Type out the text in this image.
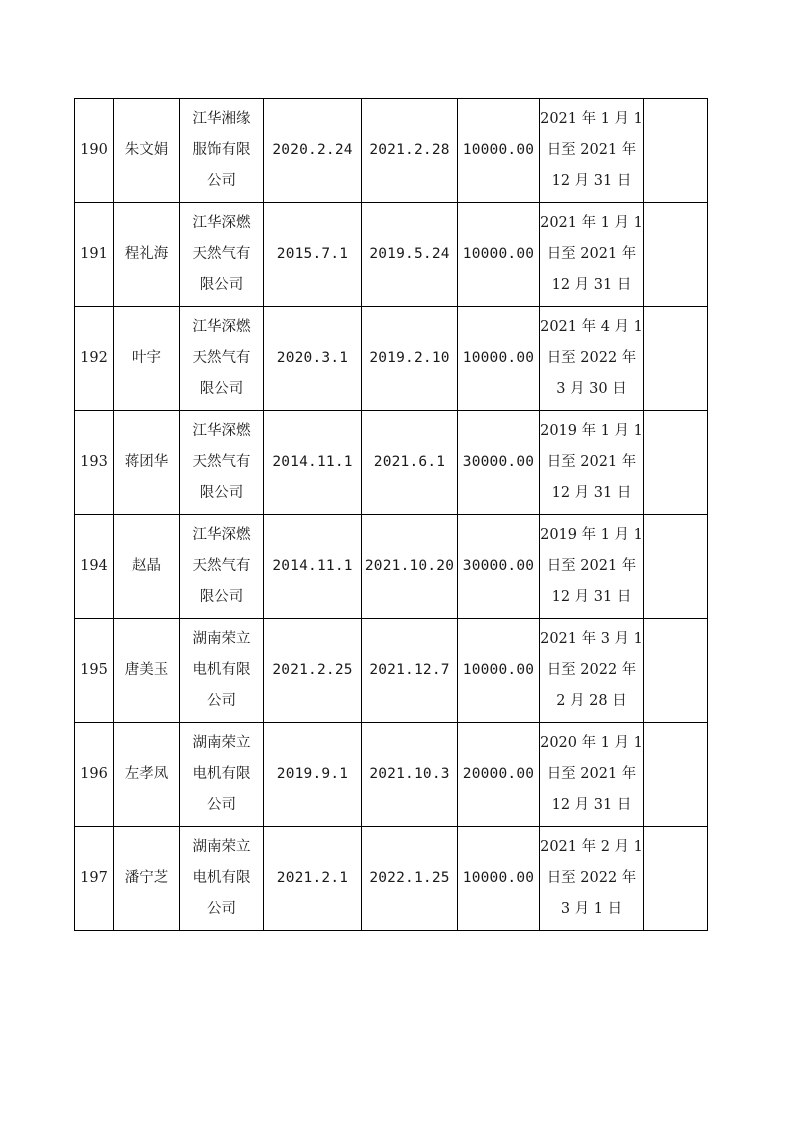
190	朱文娟	江华湘缘
服饰有限
公司	2020.2.24	2021.2.28	10000.00	2021 年 1 月 1
日至 2021 年
12 月 31 日	
191	程礼海	江华深燃
天然气有
限公司	2015.7.1	2019.5.24	10000.00	2021 年 1 月 1
日至 2021 年
12 月 31 日	
192	叶宇	江华深燃
天然气有
限公司	2020.3.1	2019.2.10	10000.00	2021 年 4 月 1
日至 2022 年
3 月 30 日	
193	蒋团华	江华深燃
天然气有
限公司	2014.11.1	2021.6.1	30000.00	2019 年 1 月 1
日至 2021 年
12 月 31 日	
194	赵晶	江华深燃
天然气有
限公司	2014.11.1	2021.10.20	30000.00	2019 年 1 月 1
日至 2021 年
12 月 31 日	
195	唐美玉	湖南荣立
电机有限
公司	2021.2.25	2021.12.7	10000.00	2021 年 3 月 1
日至 2022 年
2 月 28 日	
196	左孝凤	湖南荣立
电机有限
公司	2019.9.1	2021.10.3	20000.00	2020 年 1 月 1
日至 2021 年
12 月 31 日	
197	潘宁芝	湖南荣立
电机有限
公司	2021.2.1	2022.1.25	10000.00	2021 年 2 月 1
日至 2022 年
3 月 1 日	
